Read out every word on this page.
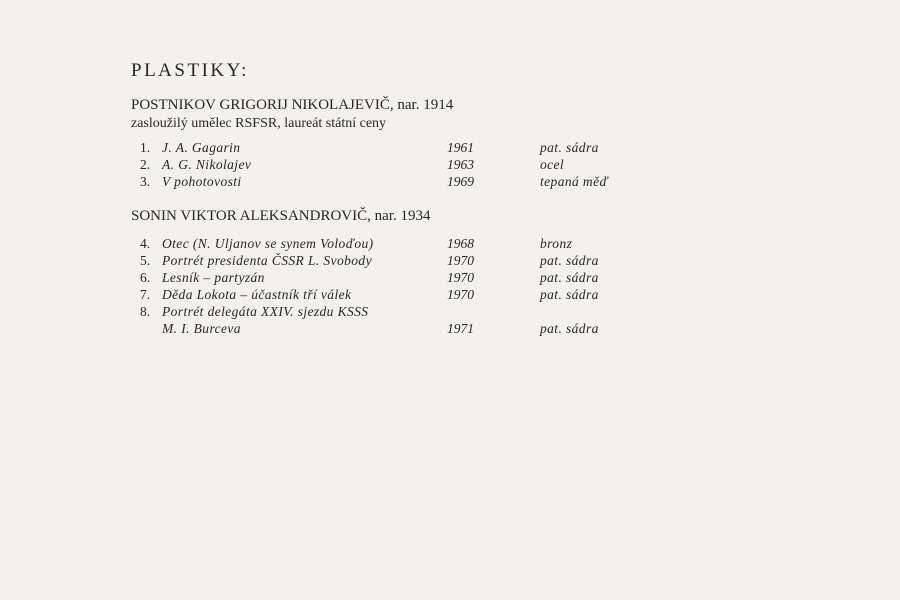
PLASTIKY:
POSTNIKOV GRIGORIJ NIKOLAJEVIČ, nar. 1914
zasloužilý umělec RSFSR, laureát státní ceny
1. J. A. Gagarin	1961	pat. sádra
2. A. G. Nikolajev	1963	ocel
3. V pohotovosti	1969	tepaná měď
SONIN VIKTOR ALEKSANDROVIČ, nar. 1934
4. Otec (N. Uljanov se synem Voloďou)	1968	bronz
5. Portrét presidenta ČSSR L. Svobody	1970	pat. sádra
6. Lesník – partyzán	1970	pat. sádra
7. Děda Lokota – účastník tří válek	1970	pat. sádra
8. Portrét delegáta XXIV. sjezdu KSSS
M. I. Burceva	1971	pat. sádra
